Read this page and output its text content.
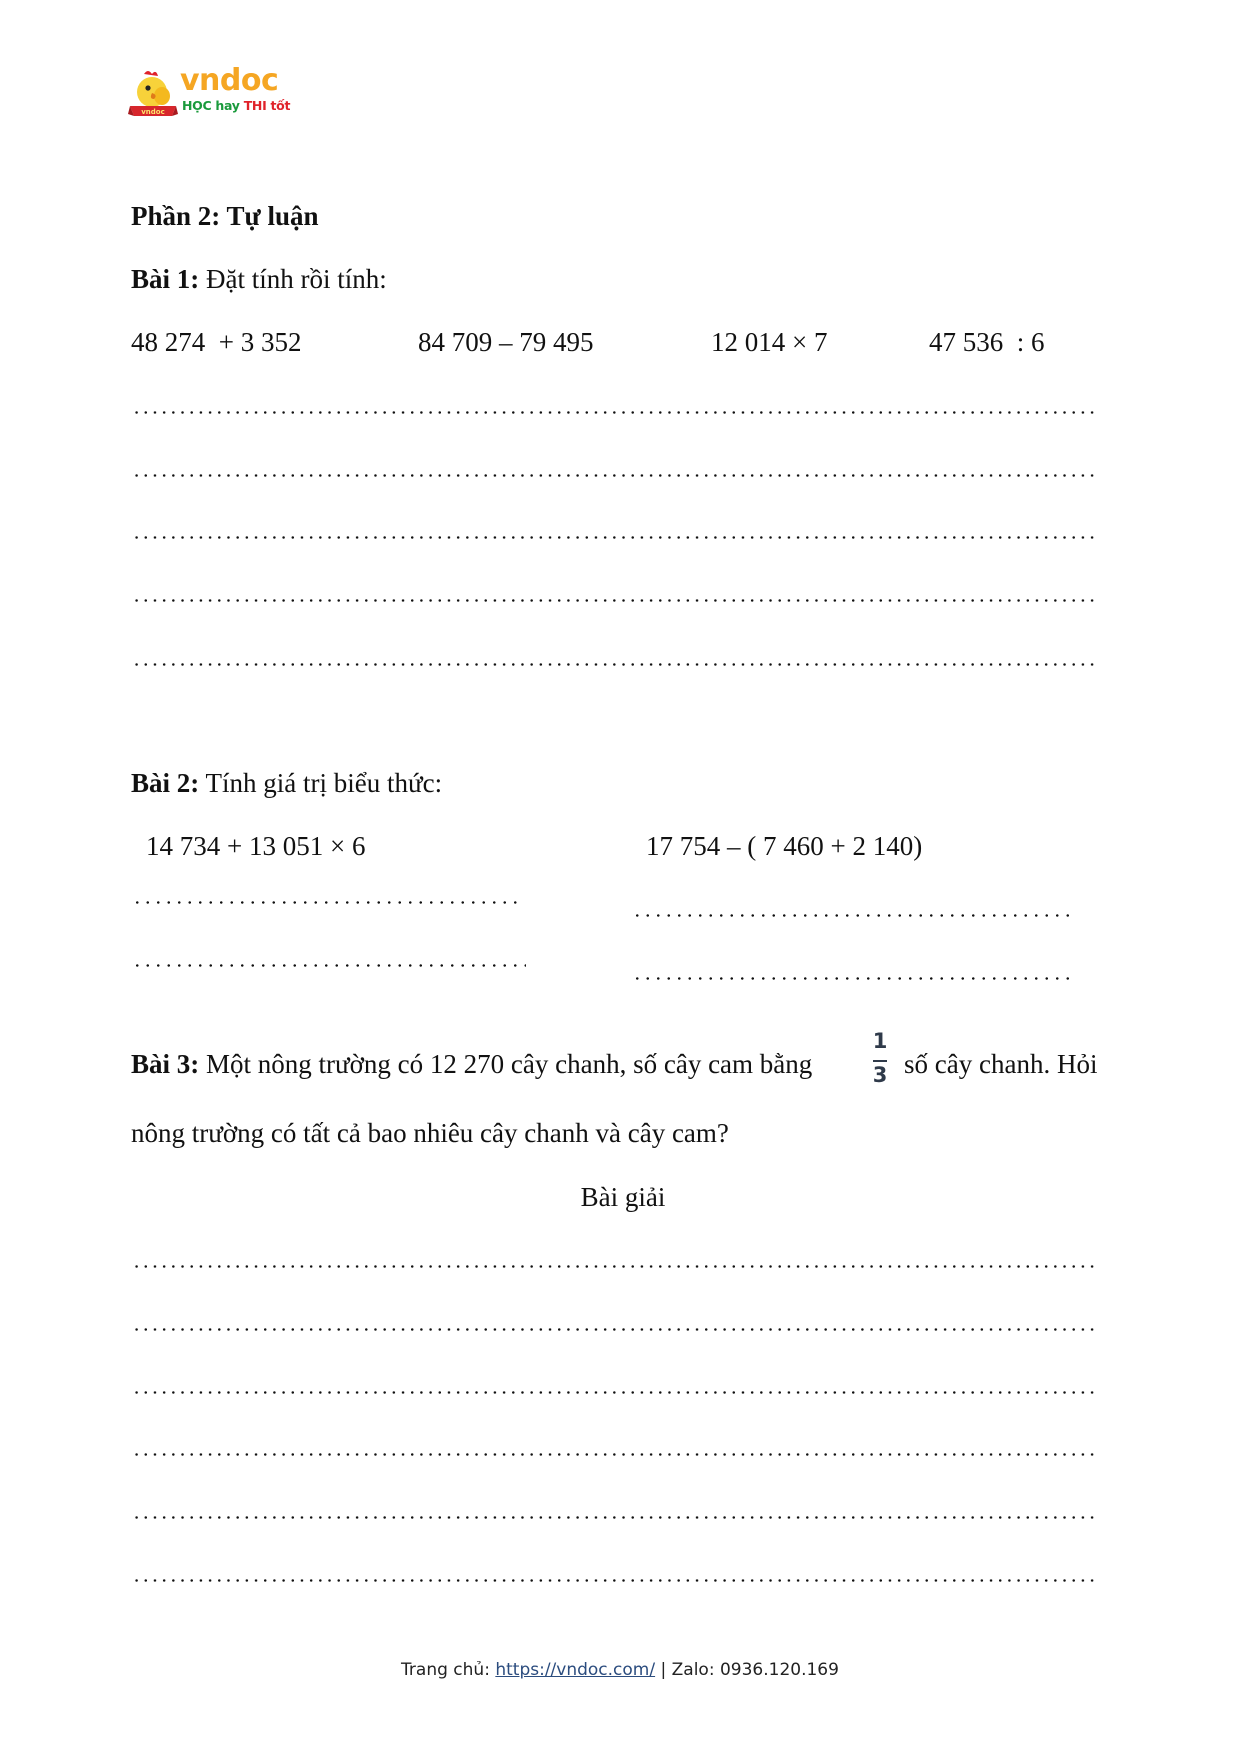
vndoc
vndoc
HỌC hay THI tốt
Phần 2: Tự luận
Bài 1: Đặt tính rồi tính:
48 274  + 3 352	84 709 – 79 495	12 014 × 7	47 536  : 6
Bài 2: Tính giá trị biểu thức:
14 734 + 13 051 × 6	17 754 – ( 7 460 + 2 140)
Bài 3: Một nông trường có 12 270 cây chanh, số cây cam bằng
1
3 số cây chanh. Hỏi
nông trường có tất cả bao nhiêu cây chanh và cây cam?
Bài giải
Trang chủ: https://vndoc.com/ | Zalo: 0936.120.169
